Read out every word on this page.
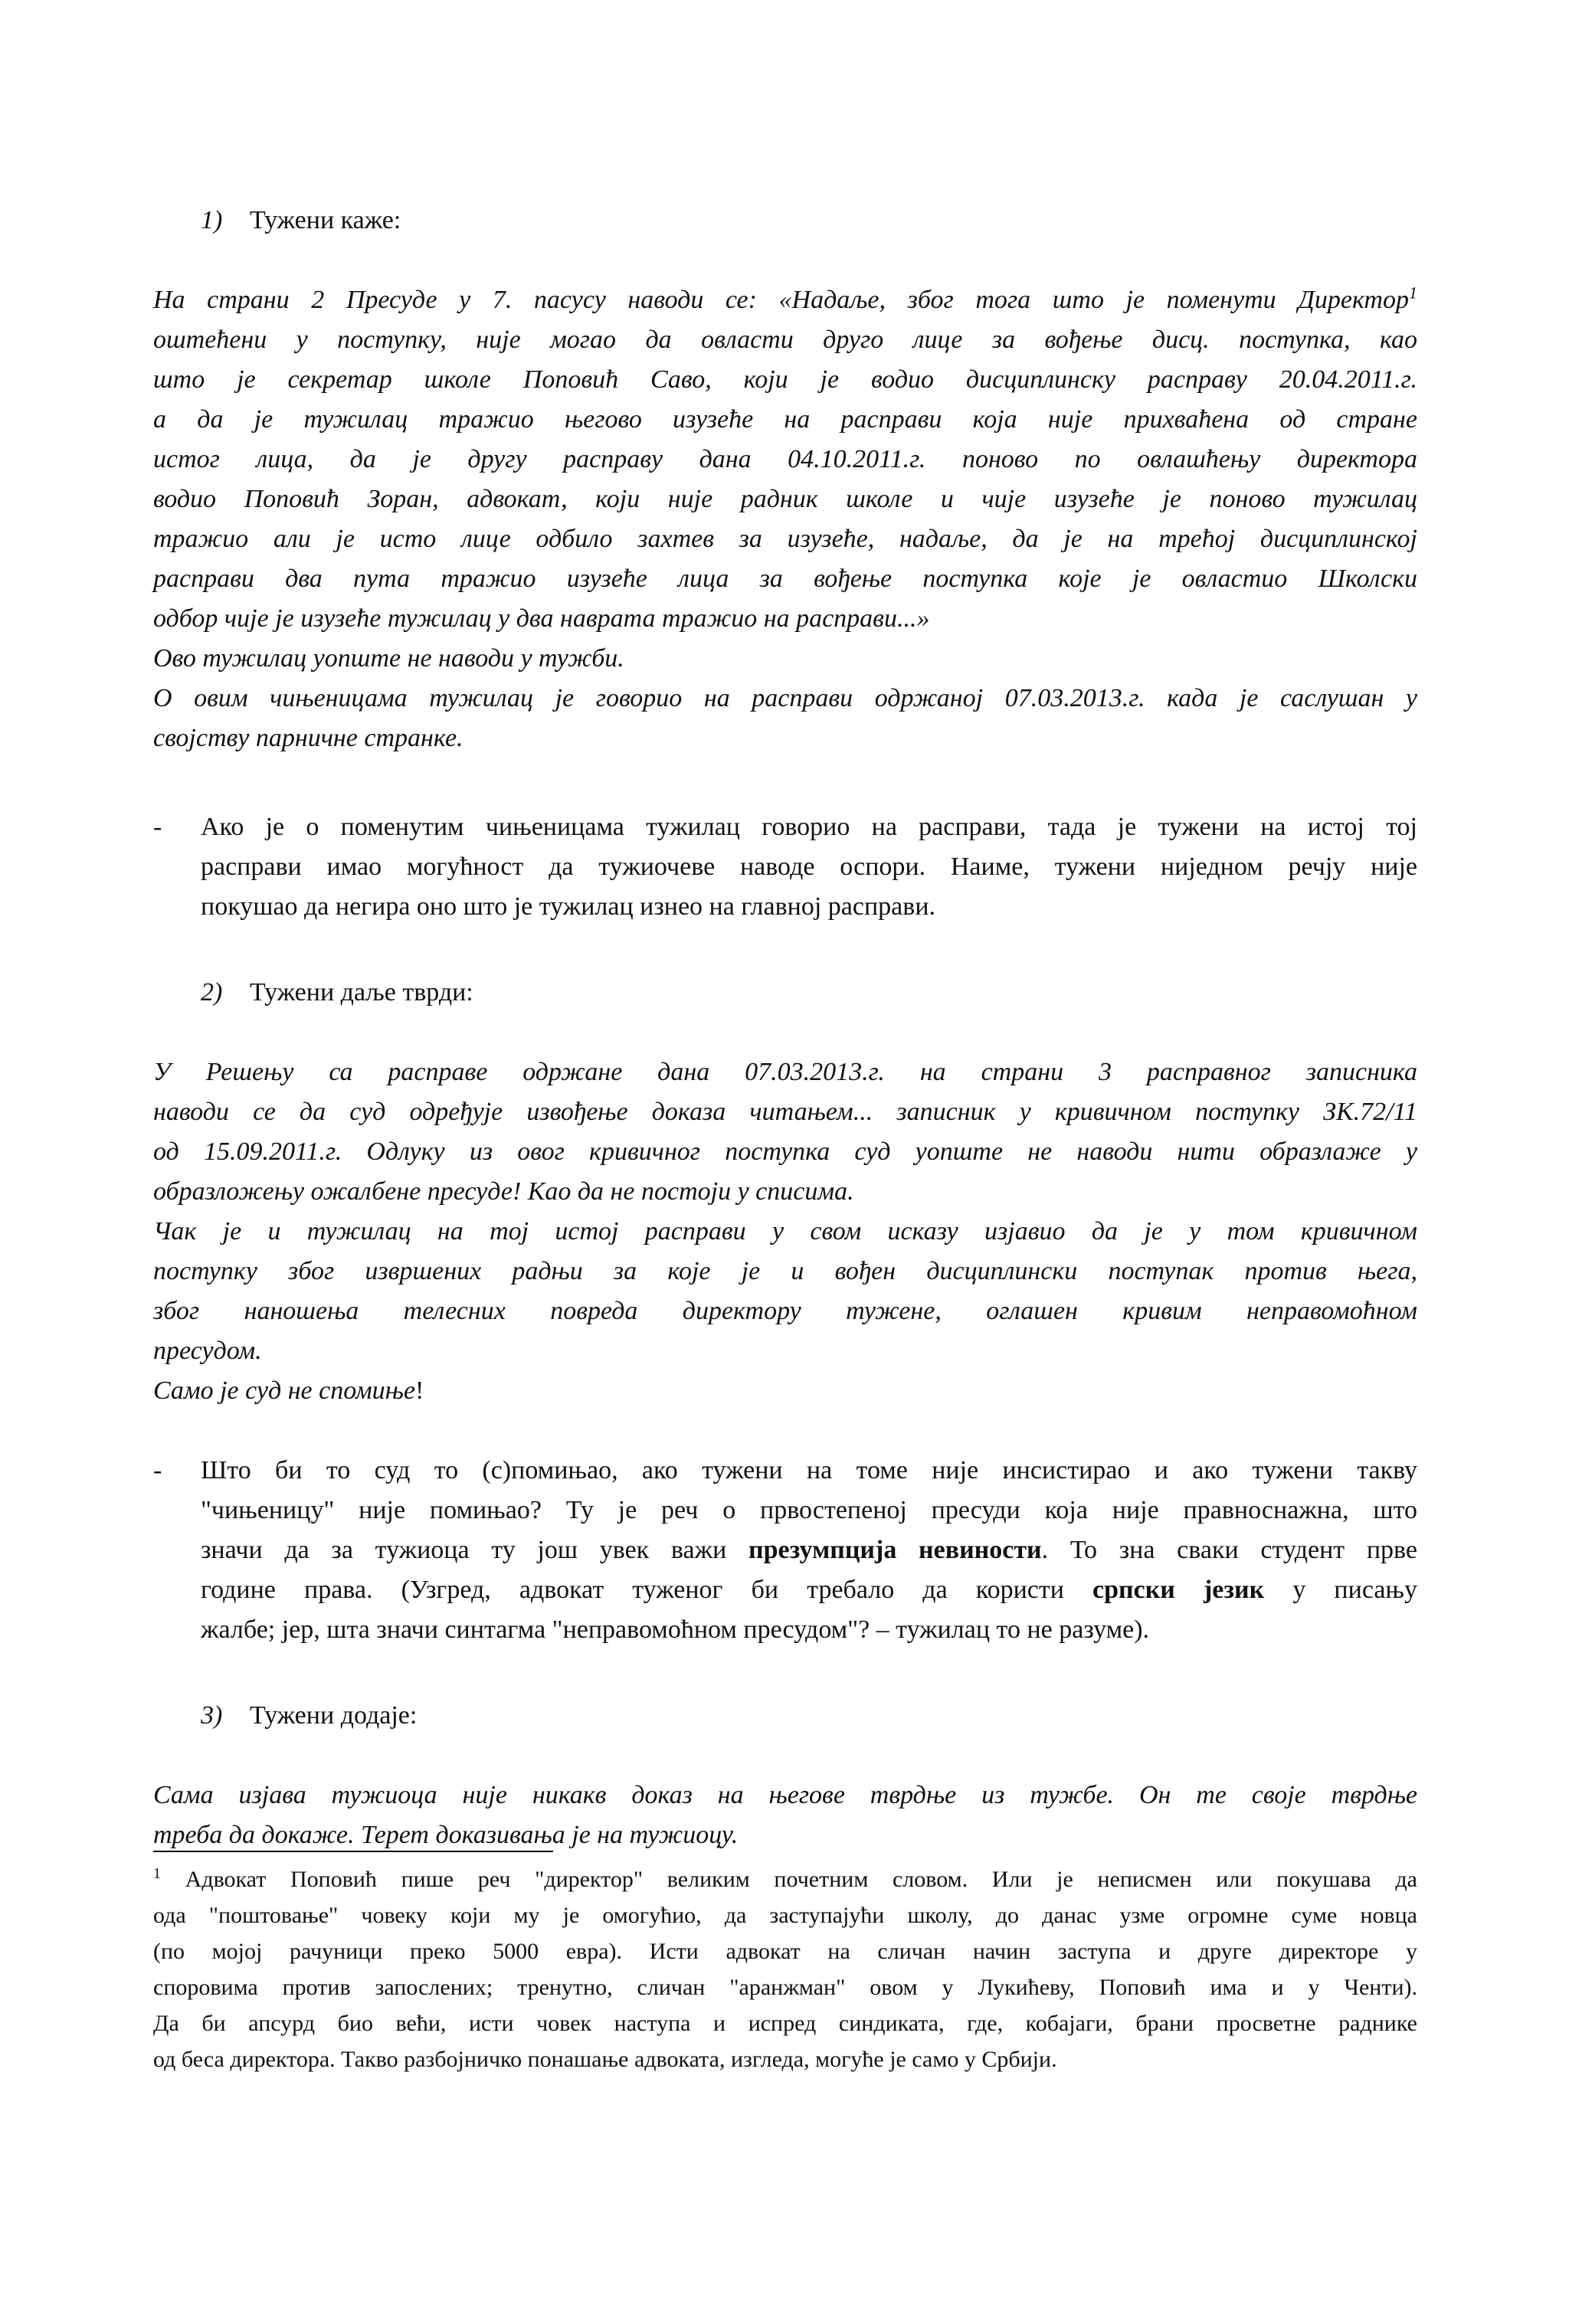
1) Тужени каже:
На страни 2 Пресуде у 7. пасусу наводи се: «Надаље, због тога што је поменути Директор$^1$
оштећени у поступку, није могао да овласти друго лице за вођење дисц. поступка, као
што је секретар школе Поповић Саво, који је водио дисциплинску расправу 20.04.2011.г.
а да је тужилац тражио његово изузеће на расправи која није прихваћена од стране
истог лица, да је другу расправу дана 04.10.2011.г. поново по овлашћењу директора
водио Поповић Зоран, адвокат, који није радник школе и чије изузеће је поново тужилац
тражио али је исто лице одбило захтев за изузеће, надаље, да је на трећој дисциплинској
расправи два пута тражио изузеће лица за вођење поступка које је овластио Школски
одбор чије је изузеће тужилац у два наврата тражио на расправи...»
Ово тужилац уопште не наводи у тужби.
О овим чињеницама тужилац је говорио на расправи одржаној 07.03.2013.г. када је саслушан у
својству парничне странке.
-	Ако је о поменутим чињеницама тужилац говорио на расправи, тада је тужени на истој тој
расправи имао могућност да тужиочеве наводе оспори. Наиме, тужени ниједном речју није
покушао да негира оно што је тужилац изнео на главној расправи.
2) Тужени даље тврди:
У Решењу са расправе одржане дана 07.03.2013.г. на страни 3 расправног записника
наводи се да суд одређује извођење доказа читањем... записник у кривичном поступку ЗК.72/11
од 15.09.2011.г. Одлуку из овог кривичног поступка суд уопште не наводи нити образлаже у
образложењу ожалбене пресуде! Као да не постоји у списима.
Чак је и тужилац на тој истој расправи у свом исказу изјавио да је у том кривичном
поступку због извршених радњи за које је и вођен дисциплински поступак против њега,
због наношења телесних повреда директору тужене, оглашен кривим неправомоћном
пресудом.
Само је суд не спомиње!
-	Што би то суд то (с)помињао, ако тужени на томе није инсистирао и ако тужени такву
"чињеницу" није помињао? Ту је реч о првостепеној пресуди која није правноснажна, што
значи да за тужиоца ту још увек важи презумпција невиности. То зна сваки студент прве
године права. (Узгред, адвокат туженог би требало да користи српски језик у писању
жалбе; јер, шта значи синтагма "неправомоћном пресудом"? – тужилац то не разуме).
3) Тужени додаје:
Сама изјава тужиоца није никакв доказ на његове тврдње из тужбе. Он те своје тврдње
треба да докаже. Терет доказивања је на тужиоцу.
$^1$ Адвокат Поповић пише реч "директор" великим почетним словом. Или је неписмен или покушава да
ода "поштовање" човеку који му је омогућио, да заступајући школу, до данас узме огромне суме новца
(по мојој рачуници преко 5000 евра). Исти адвокат на сличан начин заступа и друге директоре у
споровима против запослених; тренутно, сличан "аранжман" овом у Лукићеву, Поповић има и у Ченти).
Да би апсурд био већи, исти човек наступа и испред синдиката, где, кобајаги, брани просветне раднике
од беса директора. Такво разбојничко понашање адвоката, изгледа, могуће је само у Србији.
